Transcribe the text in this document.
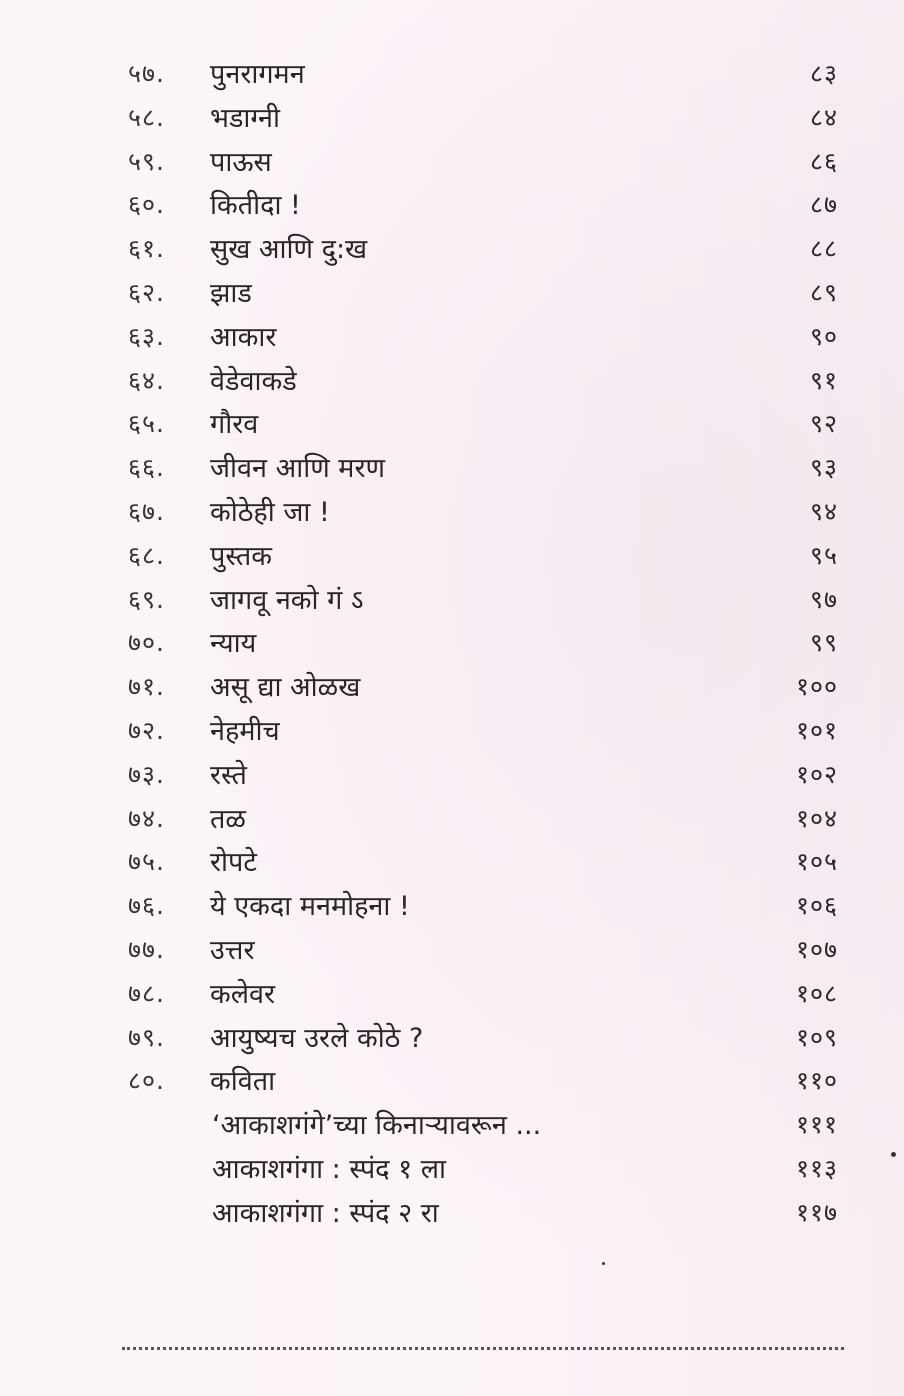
५७. पुनरागमन	८३
५८. भडाग्नी	८४
५९. पाऊस	८६
६०. कितीदा !	८७
६१. सुख आणि दु:ख	८८
६२. झाड	८९
६३. आकार	९०
६४. वेडेवाकडे	९१
६५. गौरव	९२
६६. जीवन आणि मरण	९३
६७. कोठेही जा !	९४
६८. पुस्तक	९५
६९. जागवू नको गं ऽ	९७
७०. न्याय	९९
७१. असू द्या ओळख	१००
७२. नेहमीच	१०१
७३. रस्ते	१०२
७४. तळ	१०४
७५. रोपटे	१०५
७६. ये एकदा मनमोहना !	१०६
७७. उत्तर	१०७
७८. कलेवर	१०८
७९. आयुष्यच उरले कोठे ?	१०९
८०. कविता	११०
‘आकाशगंगे’च्या किनाऱ्यावरून ...	१११
आकाशगंगा : स्पंद १ ला	११३
आकाशगंगा : स्पंद २ रा	११७
